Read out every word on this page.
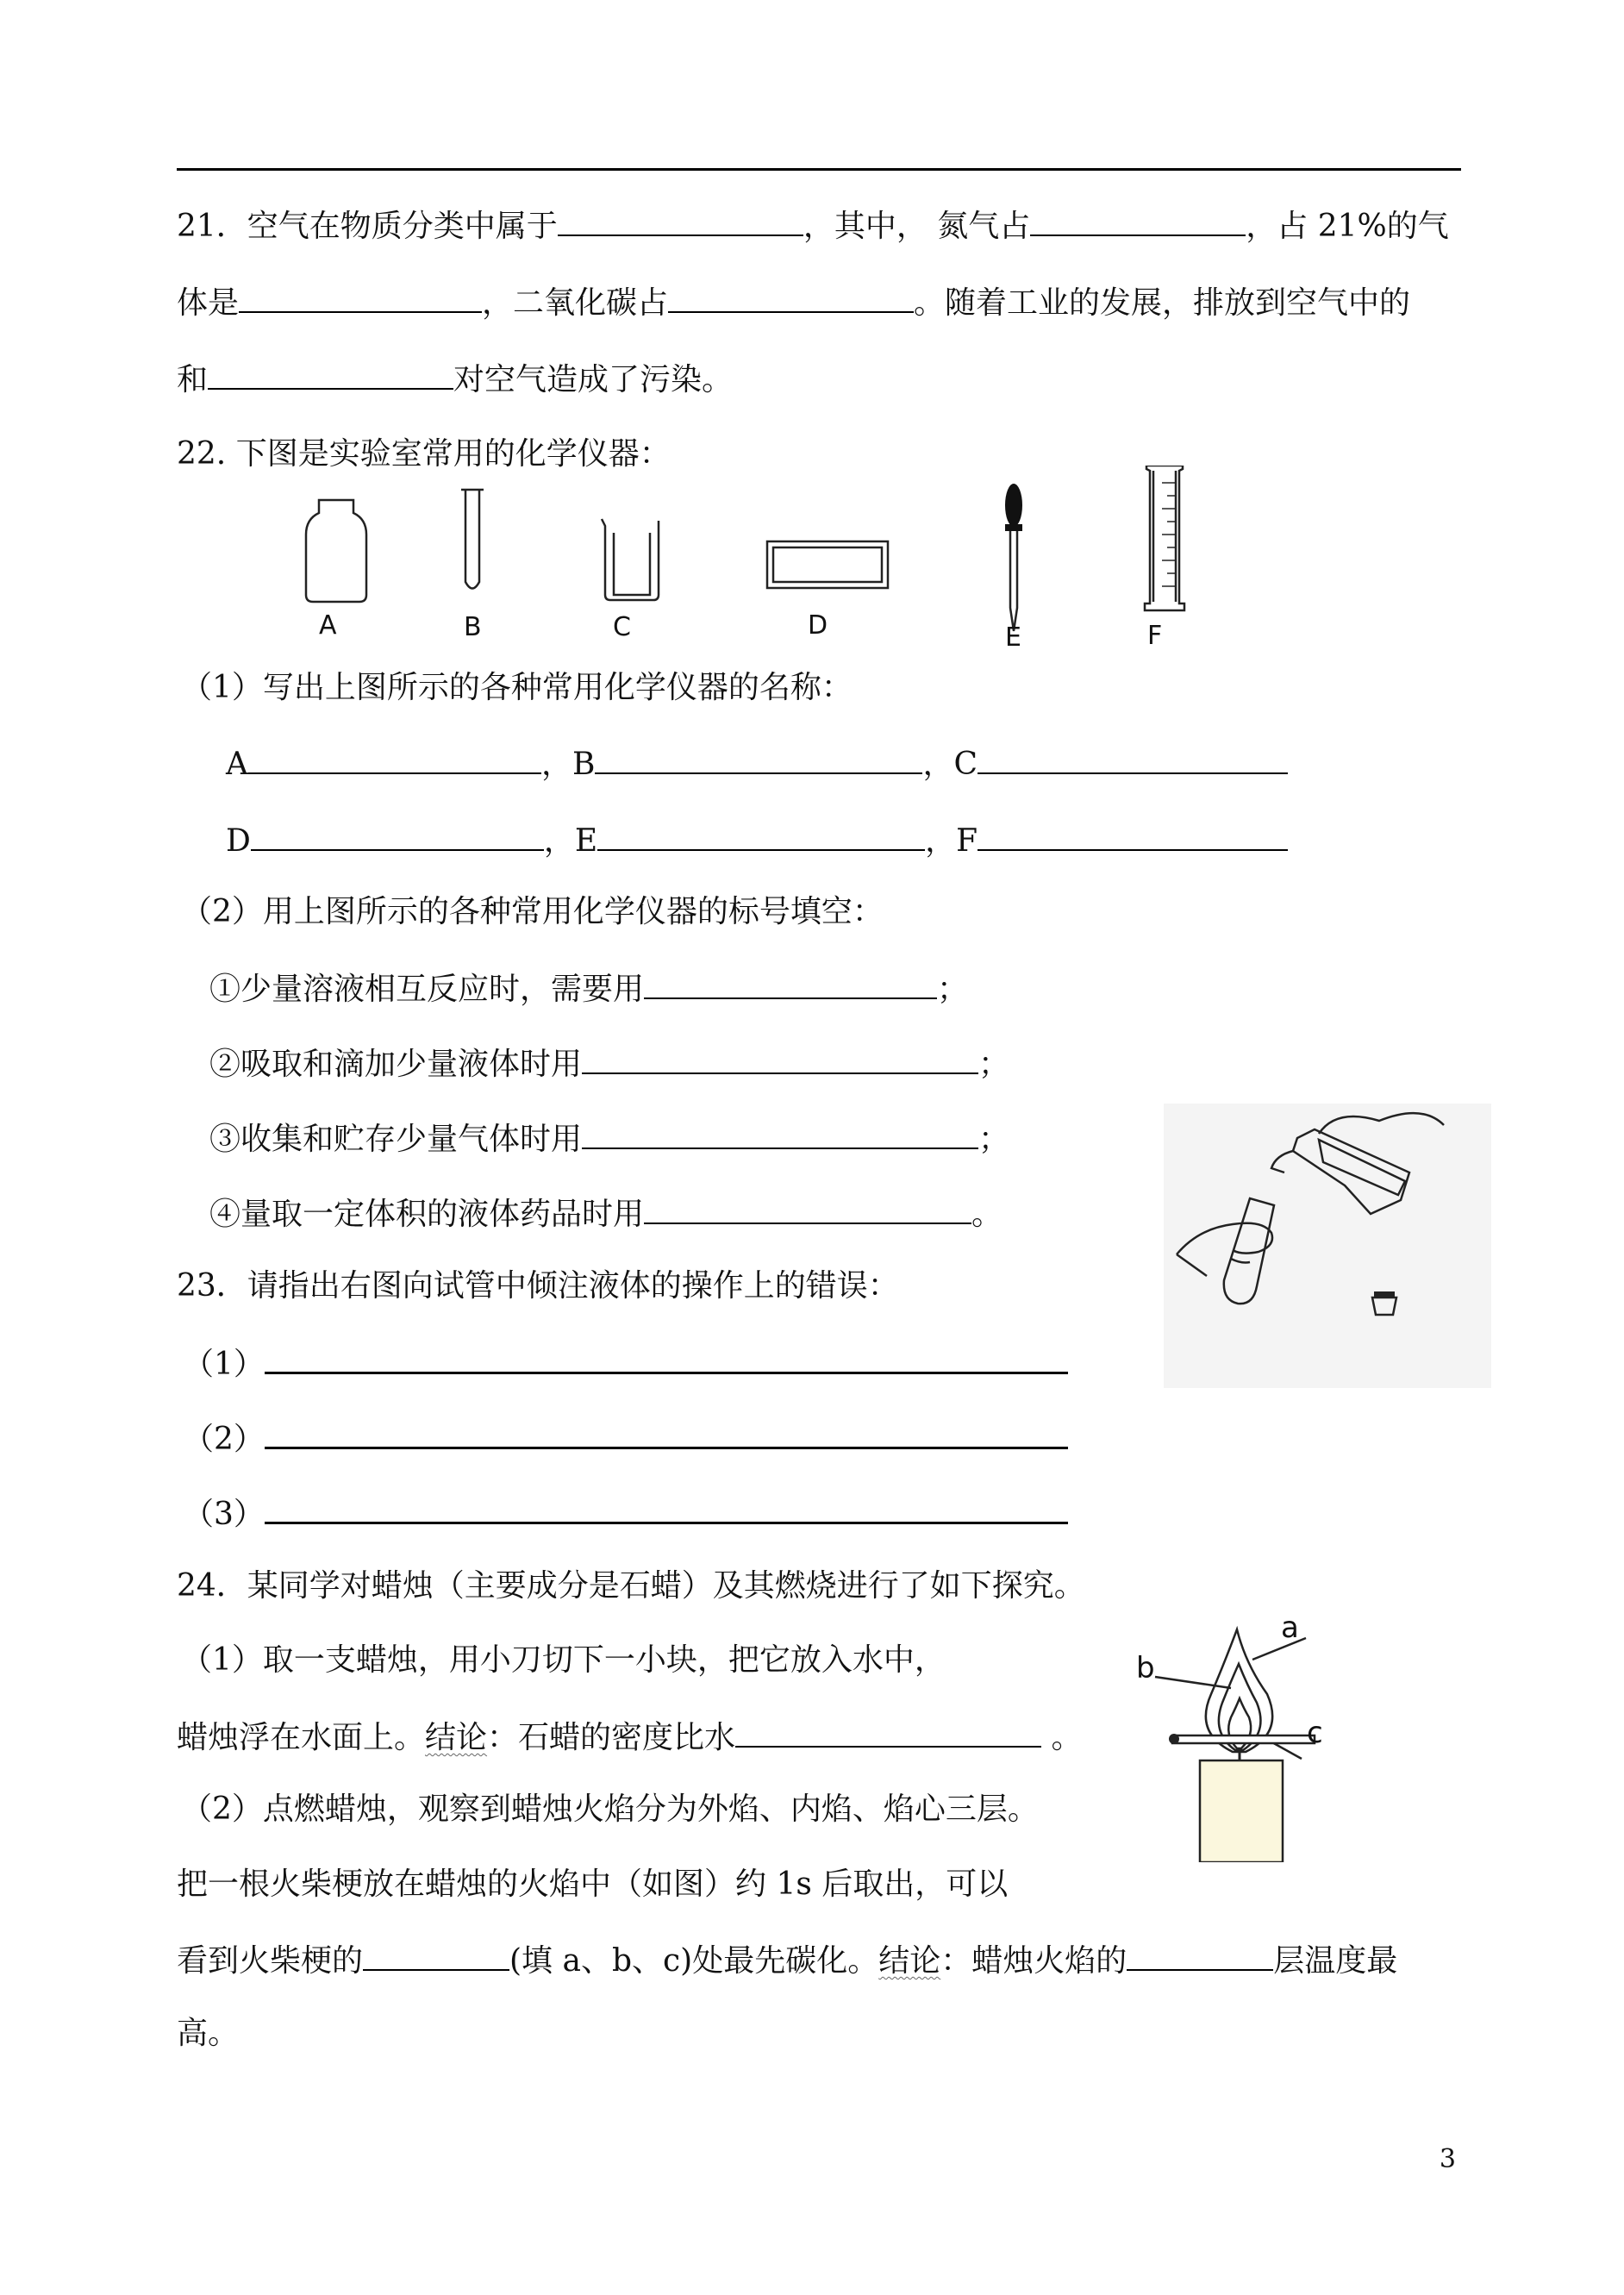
21．空气在物质分类中属于	，其中， 氮气占	，占 21%的气
体是	，二氧化碳占	。随着工业的发展，排放到空气中的
和	对空气造成了污染。
22. 下图是实验室常用的化学仪器：
A	B	C	D	E	F
（1）写出上图所示的各种常用化学仪器的名称：
A	，B	，C
D	，E	，F
（2）用上图所示的各种常用化学仪器的标号填空：
①少量溶液相互反应时，需要用	；
②吸取和滴加少量液体时用	；
③收集和贮存少量气体时用	；
④量取一定体积的液体药品时用	。
23．请指出右图向试管中倾注液体的操作上的错误：
（1）
（2）
（3）
24．某同学对蜡烛（主要成分是石蜡）及其燃烧进行了如下探究。
（1）取一支蜡烛，用小刀切下一小块，把它放入水中，
蜡烛浮在水面上。结论：石蜡的密度比水	。
（2）点燃蜡烛，观察到蜡烛火焰分为外焰、内焰、焰心三层。
把一根火柴梗放在蜡烛的火焰中（如图）约 1s 后取出，可以
看到火柴梗的	(填 a、b、c)处最先碳化。结论：蜡烛火焰的	层温度最
高。
a
b
c
3
